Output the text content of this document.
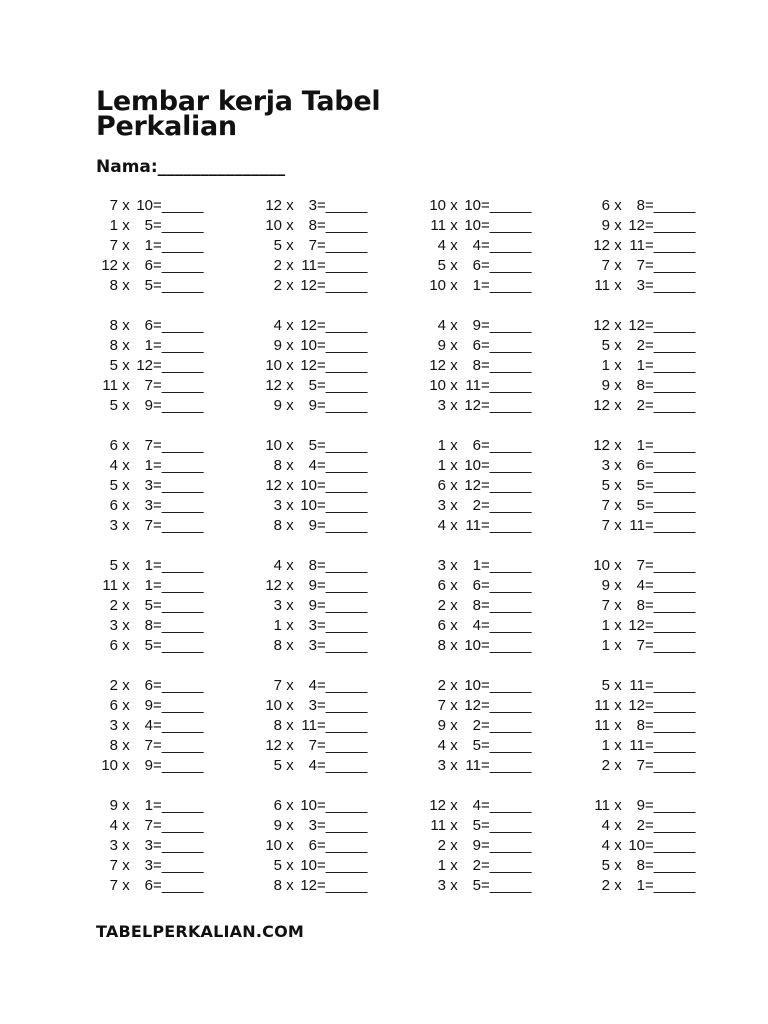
Lembar kerja Tabel
Perkalian
Nama:_______________
7 x 10=_____
1 x 5=_____
7 x 1=_____
12 x 6=_____
8 x 5=_____
12 x 3=_____
10 x 8=_____
5 x 7=_____
2 x 11=_____
2 x 12=_____
10 x 10=_____
11 x 10=_____
4 x 4=_____
5 x 6=_____
10 x 1=_____
6 x 8=_____
9 x 12=_____
12 x 11=_____
7 x 7=_____
11 x 3=_____
8 x 6=_____
8 x 1=_____
5 x 12=_____
11 x 7=_____
5 x 9=_____
4 x 12=_____
9 x 10=_____
10 x 12=_____
12 x 5=_____
9 x 9=_____
4 x 9=_____
9 x 6=_____
12 x 8=_____
10 x 11=_____
3 x 12=_____
12 x 12=_____
5 x 2=_____
1 x 1=_____
9 x 8=_____
12 x 2=_____
6 x 7=_____
4 x 1=_____
5 x 3=_____
6 x 3=_____
3 x 7=_____
10 x 5=_____
8 x 4=_____
12 x 10=_____
3 x 10=_____
8 x 9=_____
1 x 6=_____
1 x 10=_____
6 x 12=_____
3 x 2=_____
4 x 11=_____
12 x 1=_____
3 x 6=_____
5 x 5=_____
7 x 5=_____
7 x 11=_____
5 x 1=_____
11 x 1=_____
2 x 5=_____
3 x 8=_____
6 x 5=_____
4 x 8=_____
12 x 9=_____
3 x 9=_____
1 x 3=_____
8 x 3=_____
3 x 1=_____
6 x 6=_____
2 x 8=_____
6 x 4=_____
8 x 10=_____
10 x 7=_____
9 x 4=_____
7 x 8=_____
1 x 12=_____
1 x 7=_____
2 x 6=_____
6 x 9=_____
3 x 4=_____
8 x 7=_____
10 x 9=_____
7 x 4=_____
10 x 3=_____
8 x 11=_____
12 x 7=_____
5 x 4=_____
2 x 10=_____
7 x 12=_____
9 x 2=_____
4 x 5=_____
3 x 11=_____
5 x 11=_____
11 x 12=_____
11 x 8=_____
1 x 11=_____
2 x 7=_____
9 x 1=_____
4 x 7=_____
3 x 3=_____
7 x 3=_____
7 x 6=_____
6 x 10=_____
9 x 3=_____
10 x 6=_____
5 x 10=_____
8 x 12=_____
12 x 4=_____
11 x 5=_____
2 x 9=_____
1 x 2=_____
3 x 5=_____
11 x 9=_____
4 x 2=_____
4 x 10=_____
5 x 8=_____
2 x 1=_____
TABELPERKALIAN.COM
